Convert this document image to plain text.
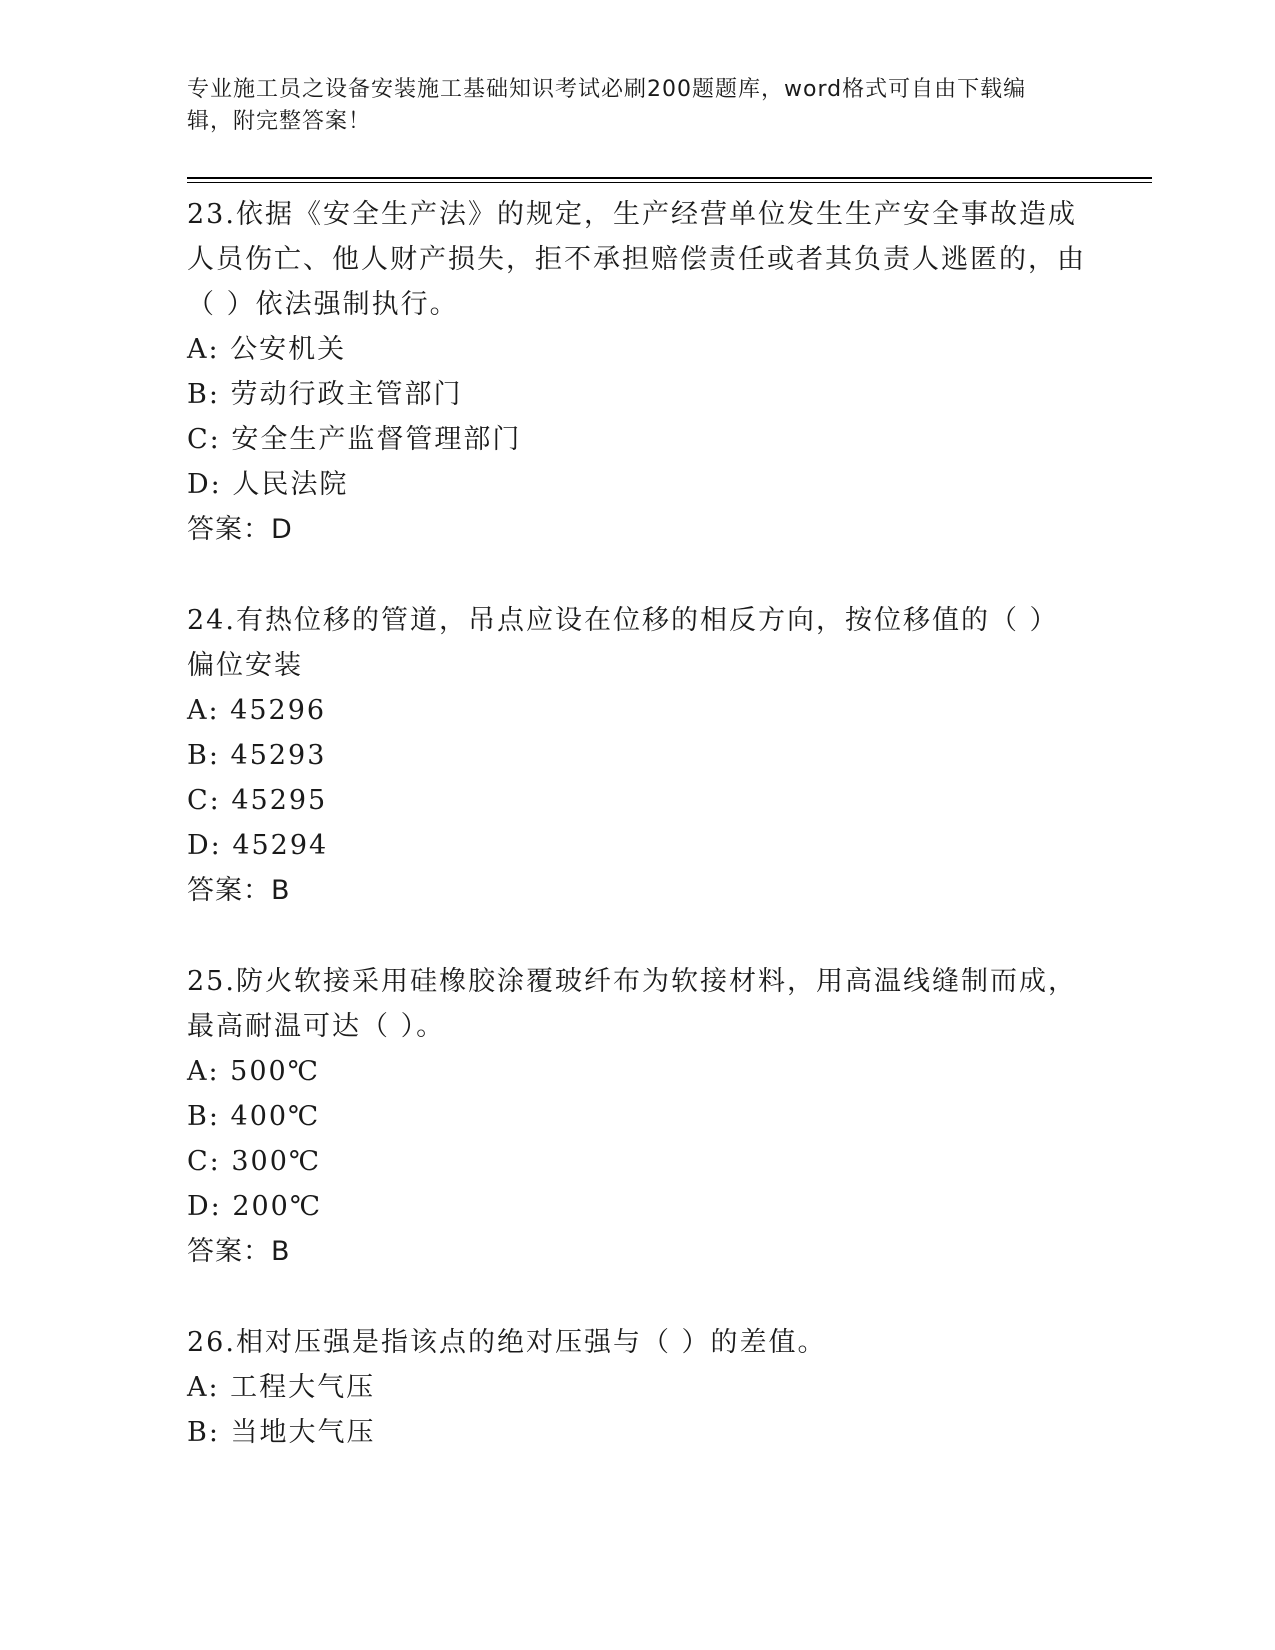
专业施工员之设备安装施工基础知识考试必刷200题题库，word格式可自由下载编辑，附完整答案！

23.依据《安全生产法》的规定，生产经营单位发生生产安全事故造成人员伤亡、他人财产损失，拒不承担赔偿责任或者其负责人逃匿的，由（ ）依法强制执行。

A: 公安机关

B: 劳动行政主管部门

C: 安全生产监督管理部门

D: 人民法院

答案：D

24.有热位移的管道，吊点应设在位移的相反方向，按位移值的（ ）偏位安装

A: 45296

B: 45293

C: 45295

D: 45294

答案：B

25.防火软接采用硅橡胶涂覆玻纤布为软接材料，用高温线缝制而成，最高耐温可达（ ）。

A: 500℃

B: 400℃

C: 300℃

D: 200℃

答案：B

26.相对压强是指该点的绝对压强与（ ）的差值。

A: 工程大气压

B: 当地大气压
